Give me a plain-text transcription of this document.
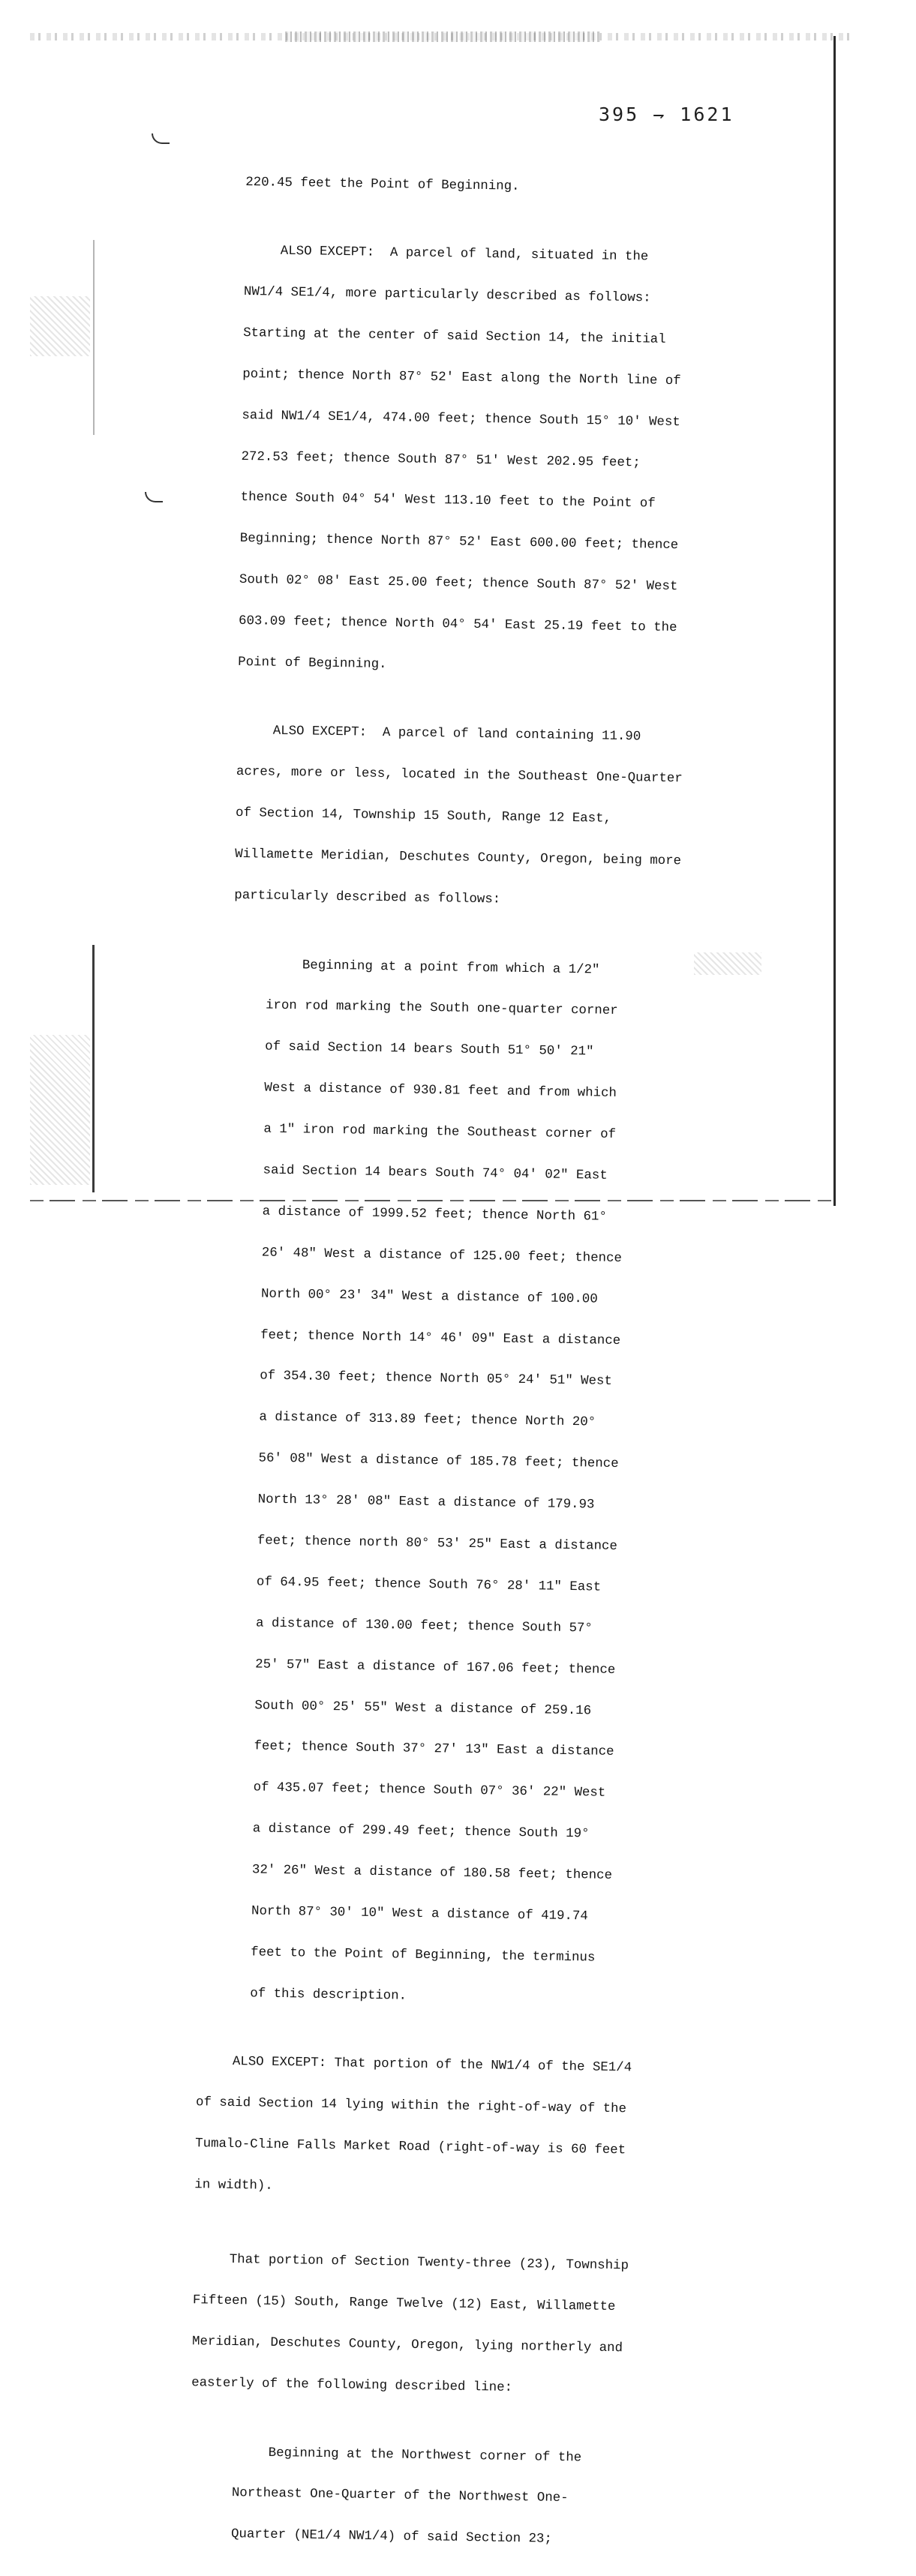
395 ⇁ 1621

220.45 feet the Point of Beginning.

ALSO EXCEPT:  A parcel of land, situated in the

NW1/4 SE1/4, more particularly described as follows:

Starting at the center of said Section 14, the initial

point; thence North 87° 52' East along the North line of

said NW1/4 SE1/4, 474.00 feet; thence South 15° 10' West

272.53 feet; thence South 87° 51' West 202.95 feet;

thence South 04° 54' West 113.10 feet to the Point of

Beginning; thence North 87° 52' East 600.00 feet; thence

South 02° 08' East 25.00 feet; thence South 87° 52' West

603.09 feet; thence North 04° 54' East 25.19 feet to the

Point of Beginning.

ALSO EXCEPT:  A parcel of land containing 11.90

acres, more or less, located in the Southeast One-Quarter

of Section 14, Township 15 South, Range 12 East,

Willamette Meridian, Deschutes County, Oregon, being more

particularly described as follows:

Beginning at a point from which a 1/2"

iron rod marking the South one-quarter corner

of said Section 14 bears South 51° 50' 21"

West a distance of 930.81 feet and from which

a 1" iron rod marking the Southeast corner of

said Section 14 bears South 74° 04' 02" East

a distance of 1999.52 feet; thence North 61°

26' 48" West a distance of 125.00 feet; thence

North 00° 23' 34" West a distance of 100.00

feet; thence North 14° 46' 09" East a distance

of 354.30 feet; thence North 05° 24' 51" West

a distance of 313.89 feet; thence North 20°

56' 08" West a distance of 185.78 feet; thence

North 13° 28' 08" East a distance of 179.93

feet; thence north 80° 53' 25" East a distance

of 64.95 feet; thence South 76° 28' 11" East

a distance of 130.00 feet; thence South 57°

25' 57" East a distance of 167.06 feet; thence

South 00° 25' 55" West a distance of 259.16

feet; thence South 37° 27' 13" East a distance

of 435.07 feet; thence South 07° 36' 22" West

a distance of 299.49 feet; thence South 19°

32' 26" West a distance of 180.58 feet; thence

North 87° 30' 10" West a distance of 419.74

feet to the Point of Beginning, the terminus

of this description.

ALSO EXCEPT: That portion of the NW1/4 of the SE1/4

of said Section 14 lying within the right-of-way of the

Tumalo-Cline Falls Market Road (right-of-way is 60 feet

in width).

That portion of Section Twenty-three (23), Township

Fifteen (15) South, Range Twelve (12) East, Willamette

Meridian, Deschutes County, Oregon, lying northerly and

easterly of the following described line:

Beginning at the Northwest corner of the

Northeast One-Quarter of the Northwest One-

Quarter (NE1/4 NW1/4) of said Section 23;
